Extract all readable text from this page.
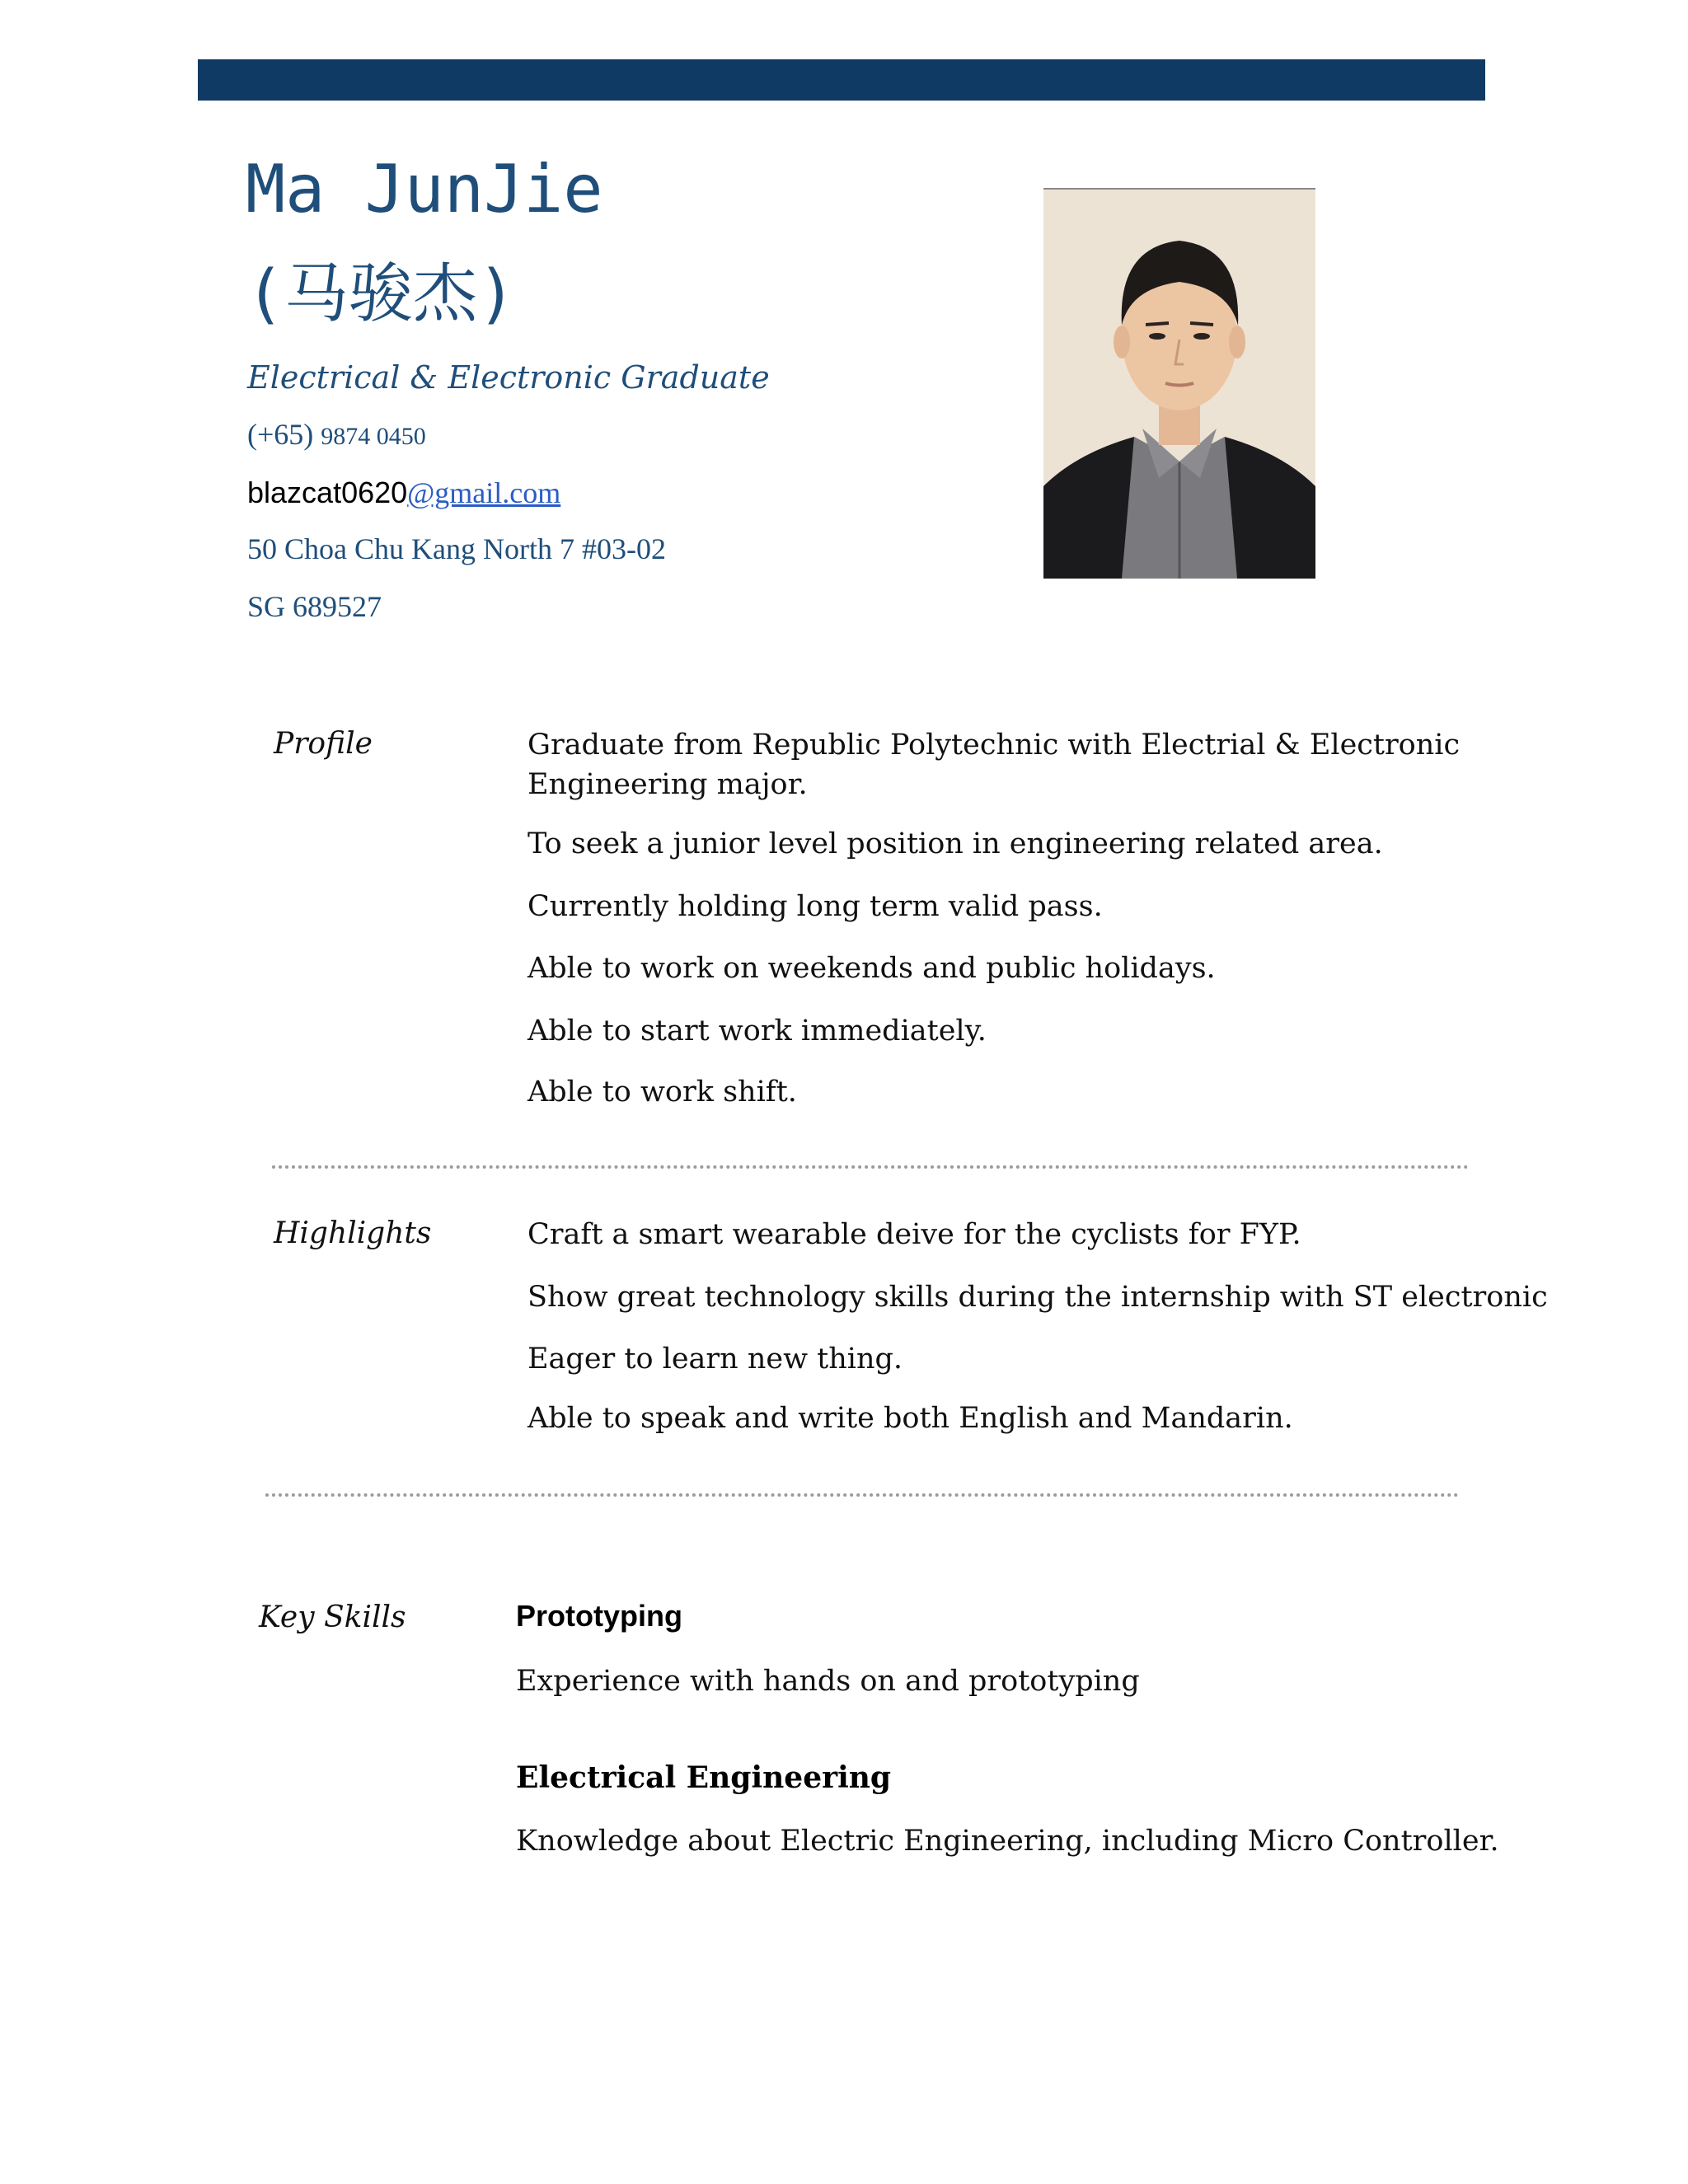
Ma JunJie
(马骏杰)
Electrical & Electronic Graduate
(+65) 9874 0450
blazcat0620@gmail.com
50 Choa Chu Kang North 7 #03-02
SG 689527
Profile	Graduate from Republic Polytechnic with Electrial & Electronic
Engineering major.
To seek a junior level position in engineering related area.
Currently holding long term valid pass.
Able to work on weekends and public holidays.
Able to start work immediately.
Able to work shift.
Highlights	Craft a smart wearable deive for the cyclists for FYP.
Show great technology skills during the internship with ST electronic
Eager to learn new thing.
Able to speak and write both English and Mandarin.
Key Skills	Prototyping
Experience with hands on and prototyping
Electrical Engineering
Knowledge about Electric Engineering, including Micro Controller.
